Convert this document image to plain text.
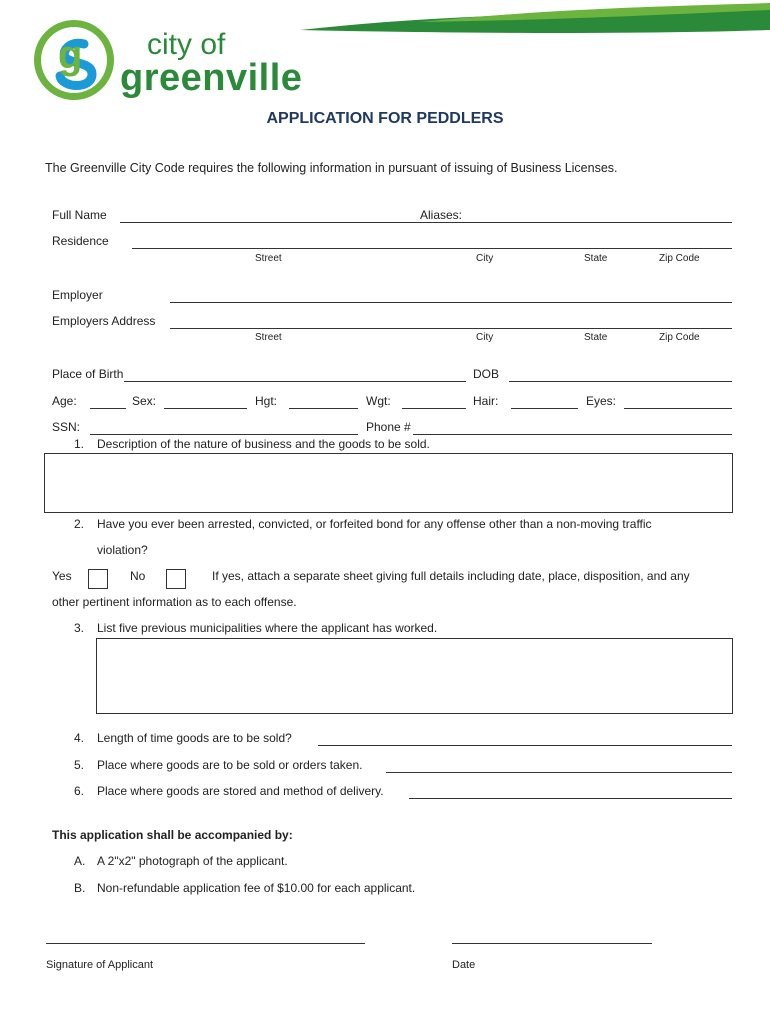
g city of
greenville
APPLICATION FOR PEDDLERS
The Greenville City Code requires the following information in pursuant of issuing of Business Licenses.
Full Name	Aliases:
Residence
Street	City	State	Zip Code
Employer
Employers Address
Street	City	State	Zip Code
Place of Birth	DOB
Age:	Sex:	Hgt:	Wgt:	Hair:	Eyes:
SSN:	Phone #
1. Description of the nature of business and the goods to be sold.
2. Have you ever been arrested, convicted, or forfeited bond for any offense other than a non-moving traffic
violation?
Yes	No	If yes, attach a separate sheet giving full details including date, place, disposition, and any
other pertinent information as to each offense.
3. List five previous municipalities where the applicant has worked.
4. Length of time goods are to be sold?
5. Place where goods are to be sold or orders taken.
6. Place where goods are stored and method of delivery.
This application shall be accompanied by:
A. A 2"x2" photograph of the applicant.
B. Non-refundable application fee of $10.00 for each applicant.
Signature of Applicant	Date
